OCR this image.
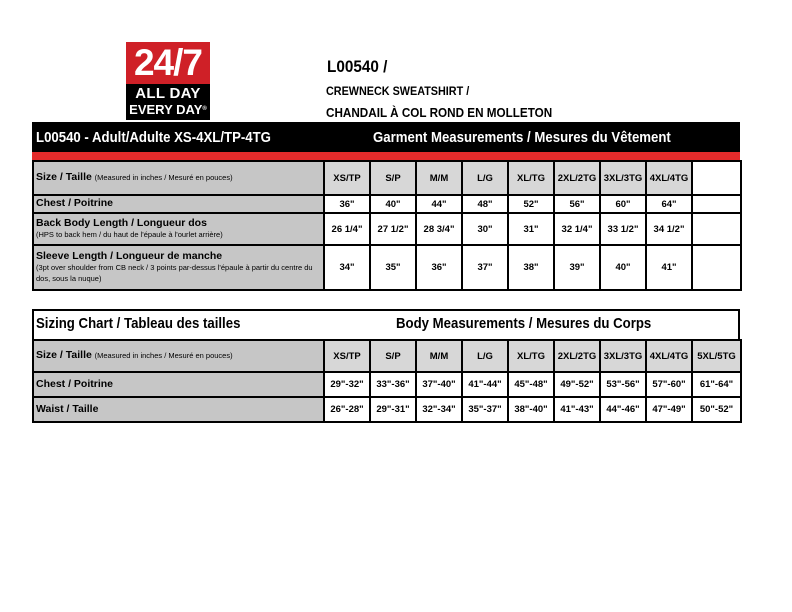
24/7
ALL DAY
EVERY DAY®
L00540 /
CREWNECK SWEATSHIRT /
CHANDAIL À COL ROND EN MOLLETON
L00540 - Adult/Adulte XS-4XL/TP-4TG	Garment Measurements / Mesures du Vêtement
Size / Taille (Measured in inches / Mesuré en pouces)	XS/TP	S/P	M/M	L/G	XL/TG	2XL/2TG	3XL/3TG	4XL/4TG	
Chest / Poitrine	36"	40"	44"	48"	52"	56"	60"	64"	
Back Body Length / Longueur dos
(HPS to back hem / du haut de l'épaule à l'ourlet arrière)	26 1/4"	27 1/2"	28 3/4"	30"	31"	32 1/4"	33 1/2"	34 1/2"	
Sleeve Length / Longueur de manche
(3pt over shoulder from CB neck / 3 points par-dessus l'épaule à partir du centre du dos, sous la nuque)	34"	35"	36"	37"	38"	39"	40"	41"	
Sizing Chart / Tableau des tailles	Body Measurements / Mesures du Corps
Size / Taille (Measured in inches / Mesuré en pouces)	XS/TP	S/P	M/M	L/G	XL/TG	2XL/2TG	3XL/3TG	4XL/4TG	5XL/5TG
Chest / Poitrine	29"-32"	33"-36"	37"-40"	41"-44"	45"-48"	49"-52"	53"-56"	57"-60"	61"-64"
Waist / Taille	26"-28"	29"-31"	32"-34"	35"-37"	38"-40"	41"-43"	44"-46"	47"-49"	50"-52"
